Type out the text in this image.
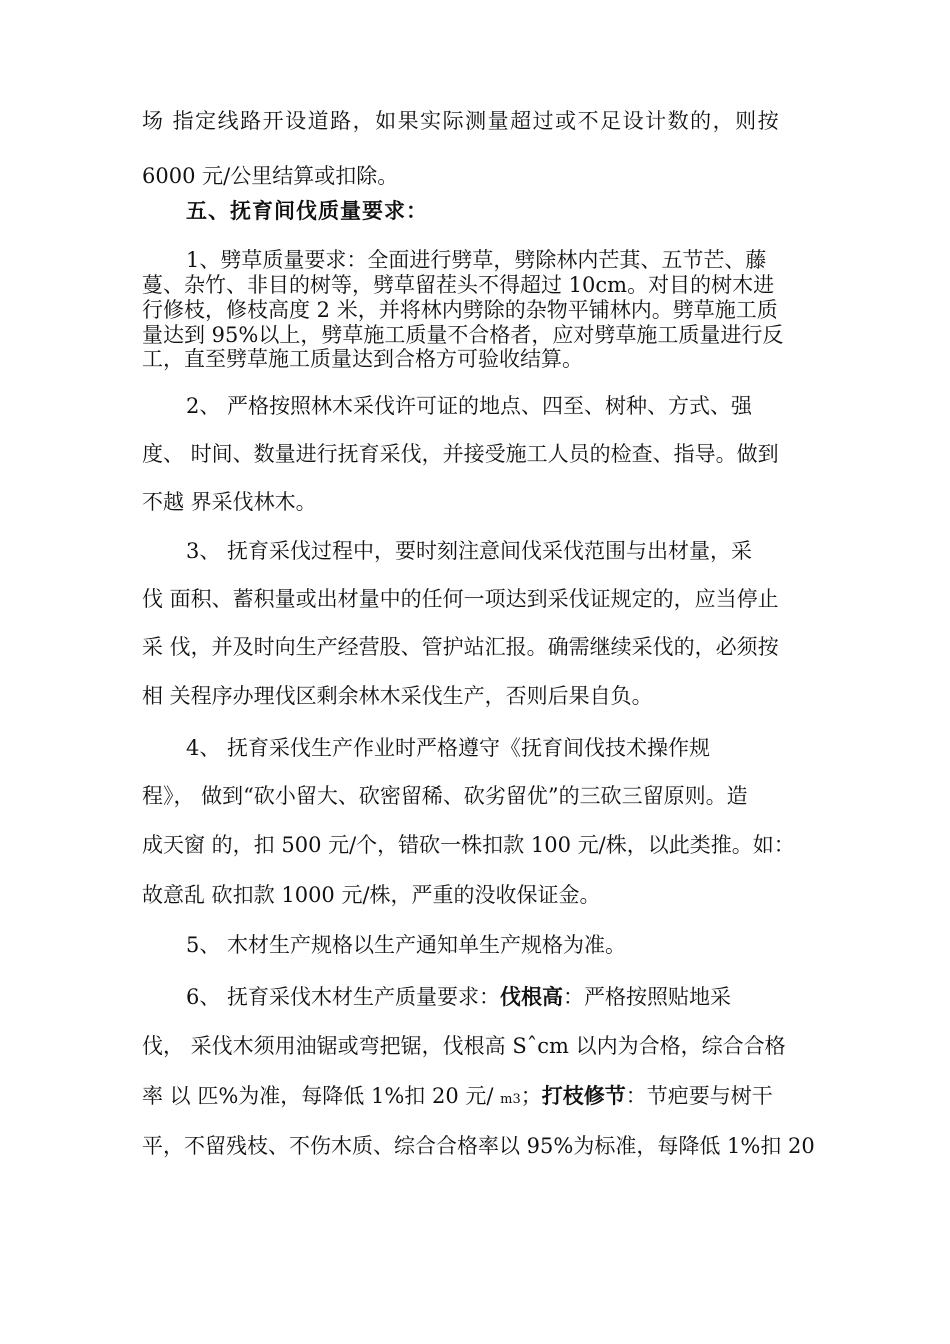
场 指定线路开设道路，如果实际测量超过或不足设计数的，则按
6000 元/公里结算或扣除。
五、抚育间伐质量要求：
1、劈草质量要求：全面进行劈草，劈除林内芒萁、五节芒、藤
蔓、杂竹、非目的树等，劈草留茬头不得超过 10cm。对目的树木进
行修枝，修枝高度 2 米，并将林内劈除的杂物平铺林内。劈草施工质
量达到 95%以上，劈草施工质量不合格者，应对劈草施工质量进行反
工，直至劈草施工质量达到合格方可验收结算。
2、 严格按照林木采伐许可证的地点、四至、树种、方式、强
度、 时间、数量进行抚育采伐，并接受施工人员的检查、指导。做到
不越 界采伐林木。
3、 抚育采伐过程中，要时刻注意间伐采伐范围与出材量，采
伐 面积、蓄积量或出材量中的任何一项达到采伐证规定的，应当停止
采 伐，并及时向生产经营股、管护站汇报。确需继续采伐的，必须按
相 关程序办理伐区剩余林木采伐生产，否则后果自负。
4、 抚育采伐生产作业时严格遵守《抚育间伐技术操作规
程》， 做到“砍小留大、砍密留稀、砍劣留优”的三砍三留原则。造
成天窗 的，扣 500 元/个，错砍一株扣款 100 元/株，以此类推。如：
故意乱 砍扣款 1000 元/株，严重的没收保证金。
5、 木材生产规格以生产通知单生产规格为准。
6、 抚育采伐木材生产质量要求：伐根高：严格按照贴地采
伐， 采伐木须用油锯或弯把锯，伐根高 Sˆcm 以内为合格，综合合格
率 以 匹%为准，每降低 1%扣 20 元/ m3；打枝修节：节疤要与树干
平，不留残枝、不伤木质、综合合格率以 95%为标准，每降低 1%扣 20
